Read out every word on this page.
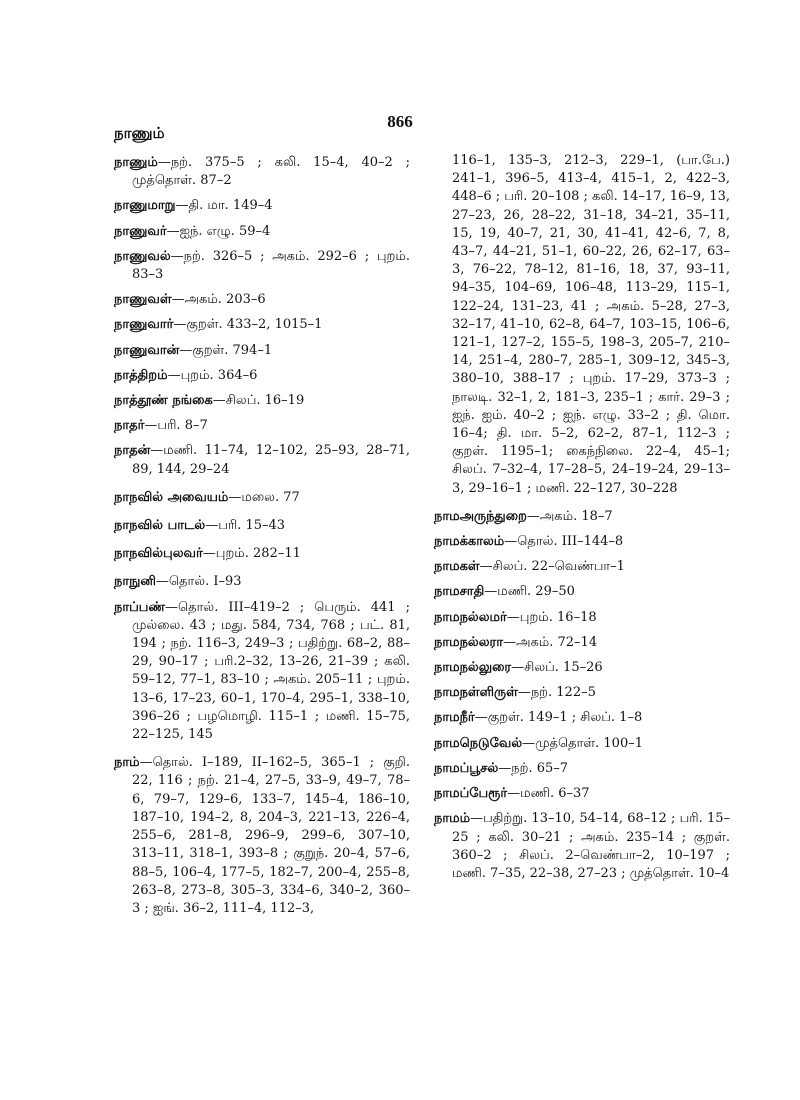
866
நாணும்
நாணும்—நற். 375–5 ; கலி. 15–4, 40–2 ; முத்தொள். 87–2
நாணுமாறு—தி. மா. 149–4
நாணுவர்—ஐந். எழு. 59–4
நாணுவல்—நற். 326–5 ; அகம். 292–6 ; புறம். 83–3
நாணுவள்—அகம். 203–6
நாணுவார்—குறள். 433–2, 1015–1
நாணுவான்—குறள். 794–1
நாத்திறம்—புறம். 364–6
நாத்தூண் நங்கை—சிலப். 16–19
நாதர்—பரி. 8–7
நாதன்—மணி. 11–74, 12–102, 25–93, 28–71, 89, 144, 29–24
நாநவில் அவையம்—மலை. 77
நாநவில் பாடல்—பரி. 15–43
நாநவில்புலவர்—புறம். 282–11
நாநுனி—தொல். I–93
நாப்பண்—தொல். III–419–2 ; பெரும். 441 ; முல்லை. 43 ; மது. 584, 734, 768 ; பட். 81, 194 ; நற். 116–3, 249–3 ; பதிற்று. 68–2, 88–29, 90–17 ; பரி.2–32, 13–26, 21–39 ; கலி. 59–12, 77–1, 83–10 ; அகம். 205–11 ; புறம். 13–6, 17–23, 60–1, 170–4, 295–1, 338–10, 396–26 ; பழமொழி. 115–1 ; மணி. 15–75, 22–125, 145
நாம்—தொல். I–189, II–162–5, 365–1 ; குறி. 22, 116 ; நற். 21–4, 27–5, 33–9, 49–7, 78–6, 79–7, 129–6, 133–7, 145–4, 186–10, 187–10, 194–2, 8, 204–3, 221–13, 226–4, 255–6, 281–8, 296–9, 299–6, 307–10, 313–11, 318–1, 393–8 ; குறுந். 20–4, 57–6, 88–5, 106–4, 177–5, 182–7, 200–4, 255–8, 263–8, 273–8, 305–3, 334–6, 340–2, 360–3 ; ஐங். 36–2, 111–4, 112–3,
116–1, 135–3, 212–3, 229–1, (பா.பே.) 241–1, 396–5, 413–4, 415–1, 2, 422–3, 448–6 ; பரி. 20–108 ; கலி. 14–17, 16–9, 13, 27–23, 26, 28–22, 31–18, 34–21, 35–11, 15, 19, 40–7, 21, 30, 41–41, 42–6, 7, 8, 43–7, 44–21, 51–1, 60–22, 26, 62–17, 63–3, 76–22, 78–12, 81–16, 18, 37, 93–11, 94–35, 104–69, 106–48, 113–29, 115–1, 122–24, 131–23, 41 ; அகம். 5–28, 27–3, 32–17, 41–10, 62–8, 64–7, 103–15, 106–6, 121–1, 127–2, 155–5, 198–3, 205–7, 210–14, 251–4, 280–7, 285–1, 309–12, 345–3, 380–10, 388–17 ; புறம். 17–29, 373–3 ; நாலடி. 32–1, 2, 181–3, 235–1 ; கார். 29–3 ; ஐந். ஐம். 40–2 ; ஐந். எழு. 33–2 ; தி. மொ. 16–4; தி. மா. 5–2, 62–2, 87–1, 112–3 ; குறள். 1195–1; கைந்நிலை. 22–4, 45–1; சிலப். 7–32–4, 17–28–5, 24–19–24, 29–13–3, 29–16–1 ; மணி. 22–127, 30–228
நாமஅருந்துறை—அகம். 18–7
நாமக்காலம்—தொல். III–144–8
நாமகள்—சிலப். 22–வெண்பா–1
நாமசாதி—மணி. 29–50
நாமநல்லமர்—புறம். 16–18
நாமநல்லரா—அகம். 72–14
நாமநல்லுரை—சிலப். 15–26
நாமநள்ளிருள்—நற். 122–5
நாமநீர்—குறள். 149–1 ; சிலப். 1–8
நாமநெடுவேல்—முத்தொள். 100–1
நாமப்பூசல்—நற். 65–7
நாமப்பேரூர்—மணி. 6–37
நாமம்—பதிற்று. 13–10, 54–14, 68–12 ; பரி. 15–25 ; கலி. 30–21 ; அகம். 235–14 ; குறள். 360–2 ; சிலப். 2–வெண்பா–2, 10–197 ; மணி. 7–35, 22–38, 27–23 ; முத்தொள். 10–4
